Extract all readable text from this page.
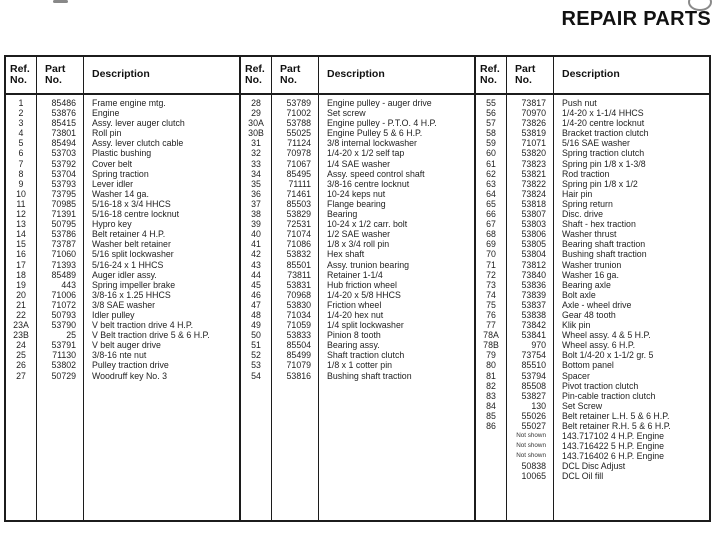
REPAIR PARTS
Ref.
No.
1
2
3
4
5
6
7
8
9
10
11
12
13
14
15
16
17
18
19
20
21
22
23A
23B
24
25
26
27
Part
No.
85486
53876
85415
73801
85494
53703
53792
53704
53793
73795
70985
71391
50795
53786
73787
71060
71393
85489
443
71006
71072
50793
53790
25
53791
71130
53802
50729
Description
Frame engine mtg.
Engine
Assy. lever auger clutch
Roll pin
Assy. lever clutch cable
Plastic bushing
Cover belt
Spring traction
Lever idler
Washer 14 ga.
5/16-18 x 3/4 HHCS
5/16-18 centre locknut
Hypro key
Belt retainer 4 H.P.
Washer belt retainer
5/16 split lockwasher
5/16-24 x 1 HHCS
Auger idler assy.
Spring impeller brake
3/8-16 x 1.25 HHCS
3/8 SAE washer
Idler pulley
V belt traction drive 4 H.P.
V Belt traction drive 5 & 6 H.P.
V belt auger drive
3/8-16 nte nut
Pulley traction drive
Woodruff key No. 3
Ref.
No.
28
29
30A
30B
31
32
33
34
35
36
37
38
39
40
41
42
43
44
45
46
47
48
49
50
51
52
53
54
Part
No.
53789
71002
53788
55025
71124
70978
71067
85495
71111
71461
85503
53829
72531
71074
71086
53832
85501
73811
53831
70968
53830
71034
71059
53833
85504
85499
71079
53816
Description
Engine pulley - auger drive
Set screw
Engine pulley - P.T.O. 4 H.P.
Engine Pulley 5 & 6 H.P.
3/8 internal lockwasher
1/4-20 x 1/2 self tap
1/4 SAE washer
Assy. speed control shaft
3/8-16 centre locknut
10-24 keps nut
Flange bearing
Bearing
10-24 x 1/2 carr. bolt
1/2 SAE washer
1/8 x 3/4 roll pin
Hex shaft
Assy. trunion bearing
Retainer 1-1/4
Hub friction wheel
1/4-20 x 5/8 HHCS
Friction wheel
1/4-20 hex nut
1/4 split lockwasher
Pinion 8 tooth
Bearing assy.
Shaft traction clutch
1/8 x 1 cotter pin
Bushing shaft traction
Ref.
No.
55
56
57
58
59
60
61
62
63
64
65
66
67
68
69
70
71
72
73
74
75
76
77
78A
78B
79
80
81
82
83
84
85
86
Part
No.
73817
70970
73826
53819
71071
53820
73823
53821
73822
73824
53818
53807
53803
53806
53805
53804
73812
73840
53836
73839
53837
53838
73842
53841
970
73754
85510
53794
85508
53827
130
55026
55027
Not shown
Not shown
Not shown
50838
10065
Description
Push nut
1/4-20 x 1-1/4 HHCS
1/4-20 centre locknut
Bracket traction clutch
5/16 SAE washer
Spring traction clutch
Spring pin 1/8 x 1-3/8
Rod traction
Spring pin 1/8 x 1/2
Hair pin
Spring return
Disc. drive
Shaft - hex traction
Washer thrust
Bearing shaft traction
Bushing shaft traction
Washer trunion
Washer 16 ga.
Bearing axle
Bolt axle
Axle - wheel drive
Gear 48 tooth
Klik pin
Wheel assy. 4 & 5 H.P.
Wheel assy. 6 H.P.
Bolt 1/4-20 x 1-1/2 gr. 5
Bottom panel
Spacer
Pivot traction clutch
Pin-cable traction clutch
Set Screw
Belt retainer L.H. 5 & 6 H.P.
Belt retainer R.H. 5 & 6 H.P.
143.717102 4 H.P. Engine
143.716422 5 H.P. Engine
143.716402 6 H.P. Engine
DCL Disc Adjust
DCL Oil fill
